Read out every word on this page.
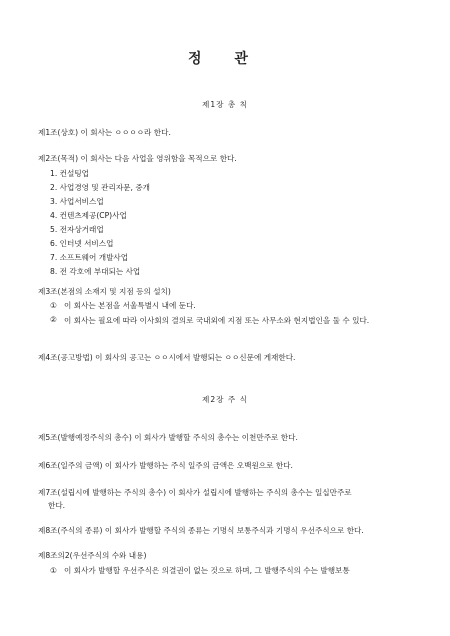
정 관
제1장 총 칙
제1조(상호) 이 회사는 ㅇㅇㅇㅇ라 한다.
제2조(목적) 이 회사는 다음 사업을 영위함을 목적으로 한다.
1. 컨설팅업
2. 사업경영 및 관리자문, 중개
3. 사업서비스업
4. 컨텐츠제공(CP)사업
5. 전자상거래업
6. 인터넷 서비스업
7. 소프트웨어 개발사업
8. 전 각호에 부대되는 사업
제3조(본점의 소재지 및 지점 등의 설치)
① 이 회사는 본점을 서울특별시 내에 둔다.
② 이 회사는 필요에 따라 이사회의 결의로 국내외에 지점 또는 사무소와 현지법인을 둘 수 있다.
제4조(공고방법) 이 회사의 공고는 ㅇㅇ시에서 발행되는 ㅇㅇ신문에 게재한다.
제2장 주 식
제5조(발행예정주식의 총수) 이 회사가 발행할 주식의 총수는 이천만주로 한다.
제6조(일주의 금액) 이 회사가 발행하는 주식 일주의 금액은 오백원으로 한다.
제7조(설립시에 발행하는 주식의 총수) 이 회사가 설립시에 발행하는 주식의 총수는 일십만주로
한다.
제8조(주식의 종류) 이 회사가 발행할 주식의 종류는 기명식 보통주식과 기명식 우선주식으로 한다.
제8조의2(우선주식의 수와 내용)
① 이 회사가 발행할 우선주식은 의결권이 없는 것으로 하며, 그 발행주식의 수는 발행보통
